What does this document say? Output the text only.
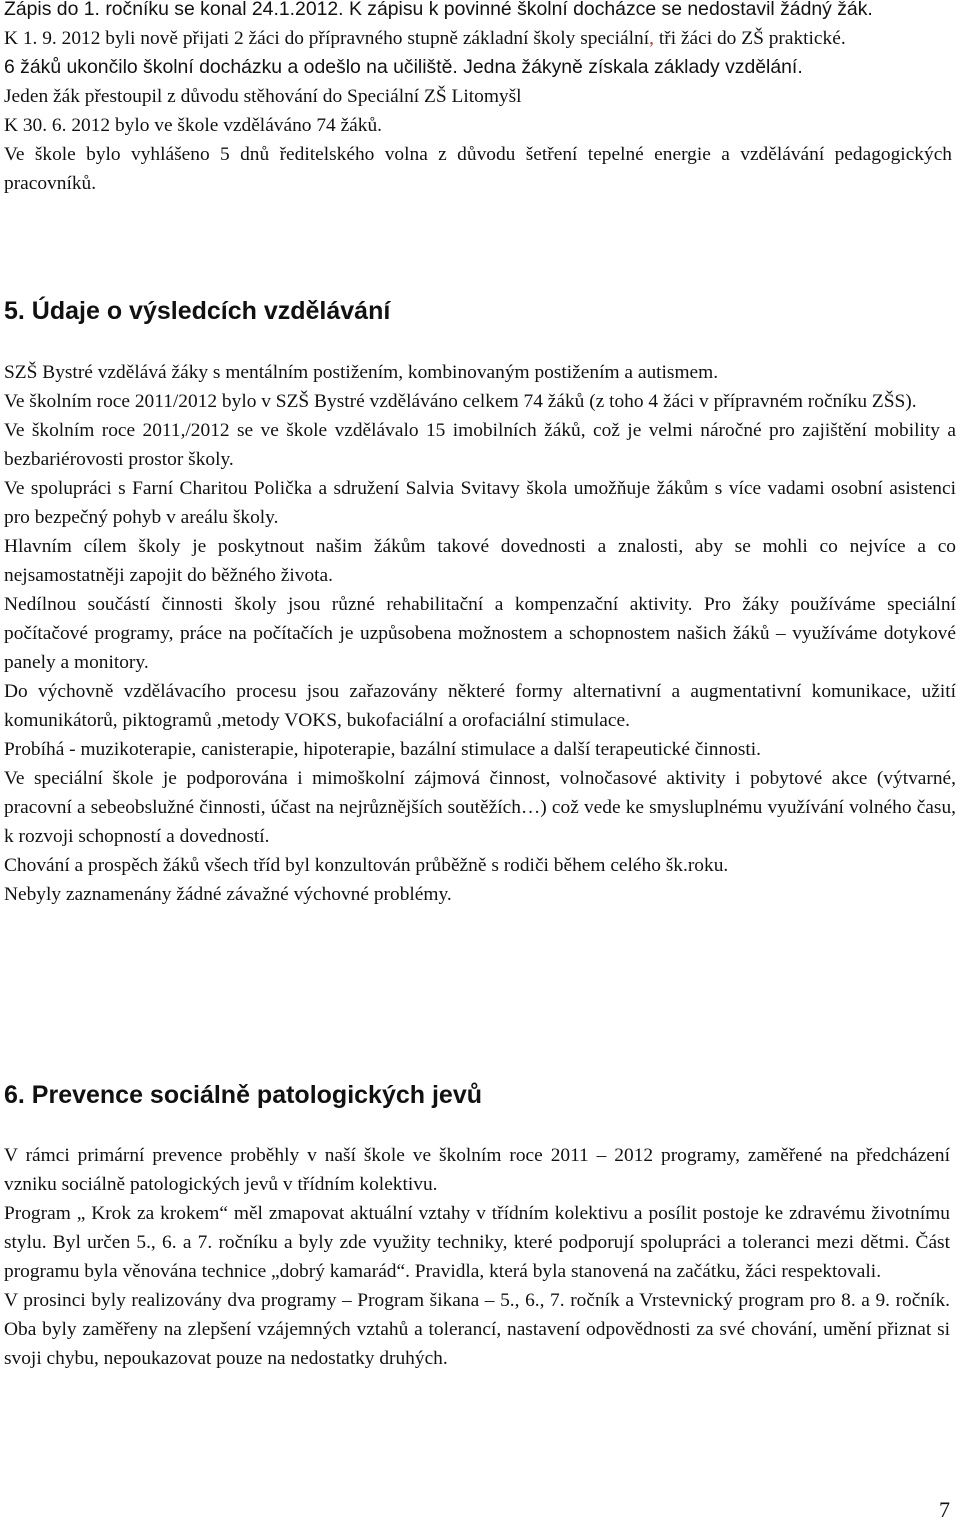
Zápis do 1. ročníku se konal 24.1.2012. K zápisu k povinné školní docházce se nedostavil žádný žák.

K 1. 9. 2012 byli nově přijati 2 žáci do přípravného stupně základní školy speciální, tři žáci do ZŠ praktické.

6 žáků ukončilo školní docházku a odešlo na učiliště. Jedna žákyně získala základy vzdělání.

Jeden žák přestoupil z důvodu stěhování do Speciální ZŠ Litomyšl

K 30. 6. 2012 bylo ve škole vzděláváno 74 žáků.

Ve škole bylo vyhlášeno 5 dnů ředitelského volna z důvodu šetření tepelné energie a vzdělávání pedagogických pracovníků.

5. Údaje o výsledcích vzdělávání

SZŠ Bystré vzdělává žáky s mentálním postižením, kombinovaným postižením a autismem.

Ve školním roce 2011/2012 bylo v SZŠ Bystré vzděláváno celkem 74 žáků (z toho 4 žáci v přípravném ročníku ZŠS).

Ve školním roce 2011,/2012 se ve škole vzdělávalo 15 imobilních žáků, což je velmi náročné pro zajištění mobility a bezbariérovosti prostor školy.

Ve spolupráci s Farní Charitou Polička a sdružení Salvia Svitavy škola umožňuje žákům s více vadami osobní asistenci pro bezpečný pohyb v areálu školy.

Hlavním cílem školy je poskytnout našim žákům takové dovednosti a znalosti, aby se mohli co nejvíce a co nejsamostatněji zapojit do běžného života.

Nedílnou součástí činnosti školy jsou různé rehabilitační a kompenzační aktivity. Pro žáky používáme speciální počítačové programy, práce na počítačích je uzpůsobena možnostem a schopnostem našich žáků – využíváme dotykové panely a monitory.

Do výchovně vzdělávacího procesu jsou zařazovány některé formy alternativní a augmentativní komunikace, užití komunikátorů, piktogramů ,metody VOKS, bukofaciální a orofaciální stimulace.

Probíhá - muzikoterapie, canisterapie, hipoterapie, bazální stimulace a další terapeutické činnosti.

Ve speciální škole je podporována i mimoškolní zájmová činnost, volnočasové aktivity i pobytové akce (výtvarné, pracovní a sebeobslužné činnosti, účast na nejrůznějších soutěžích…) což vede ke smysluplnému využívání volného času, k rozvoji schopností a dovedností.

Chování a prospěch žáků všech tříd byl konzultován průběžně s rodiči během celého šk.roku.

Nebyly zaznamenány žádné závažné výchovné problémy.

6. Prevence sociálně patologických jevů

V rámci primární prevence proběhly v naší škole ve školním roce 2011 – 2012 programy, zaměřené na předcházení vzniku sociálně patologických jevů v třídním kolektivu.

Program „ Krok za krokem“ měl zmapovat aktuální vztahy v třídním kolektivu a posílit postoje ke zdravému životnímu stylu. Byl určen 5., 6. a 7. ročníku a byly zde využity techniky, které podporují spolupráci a toleranci mezi dětmi. Část programu byla věnována technice „dobrý kamarád“. Pravidla, která byla stanovená na začátku, žáci respektovali.

V prosinci byly realizovány dva programy – Program šikana – 5., 6., 7. ročník a Vrstevnický program pro 8. a 9. ročník. Oba byly zaměřeny na zlepšení vzájemných vztahů a tolerancí, nastavení odpovědnosti za své chování, umění přiznat si svoji chybu, nepoukazovat pouze na nedostatky druhých.

7
